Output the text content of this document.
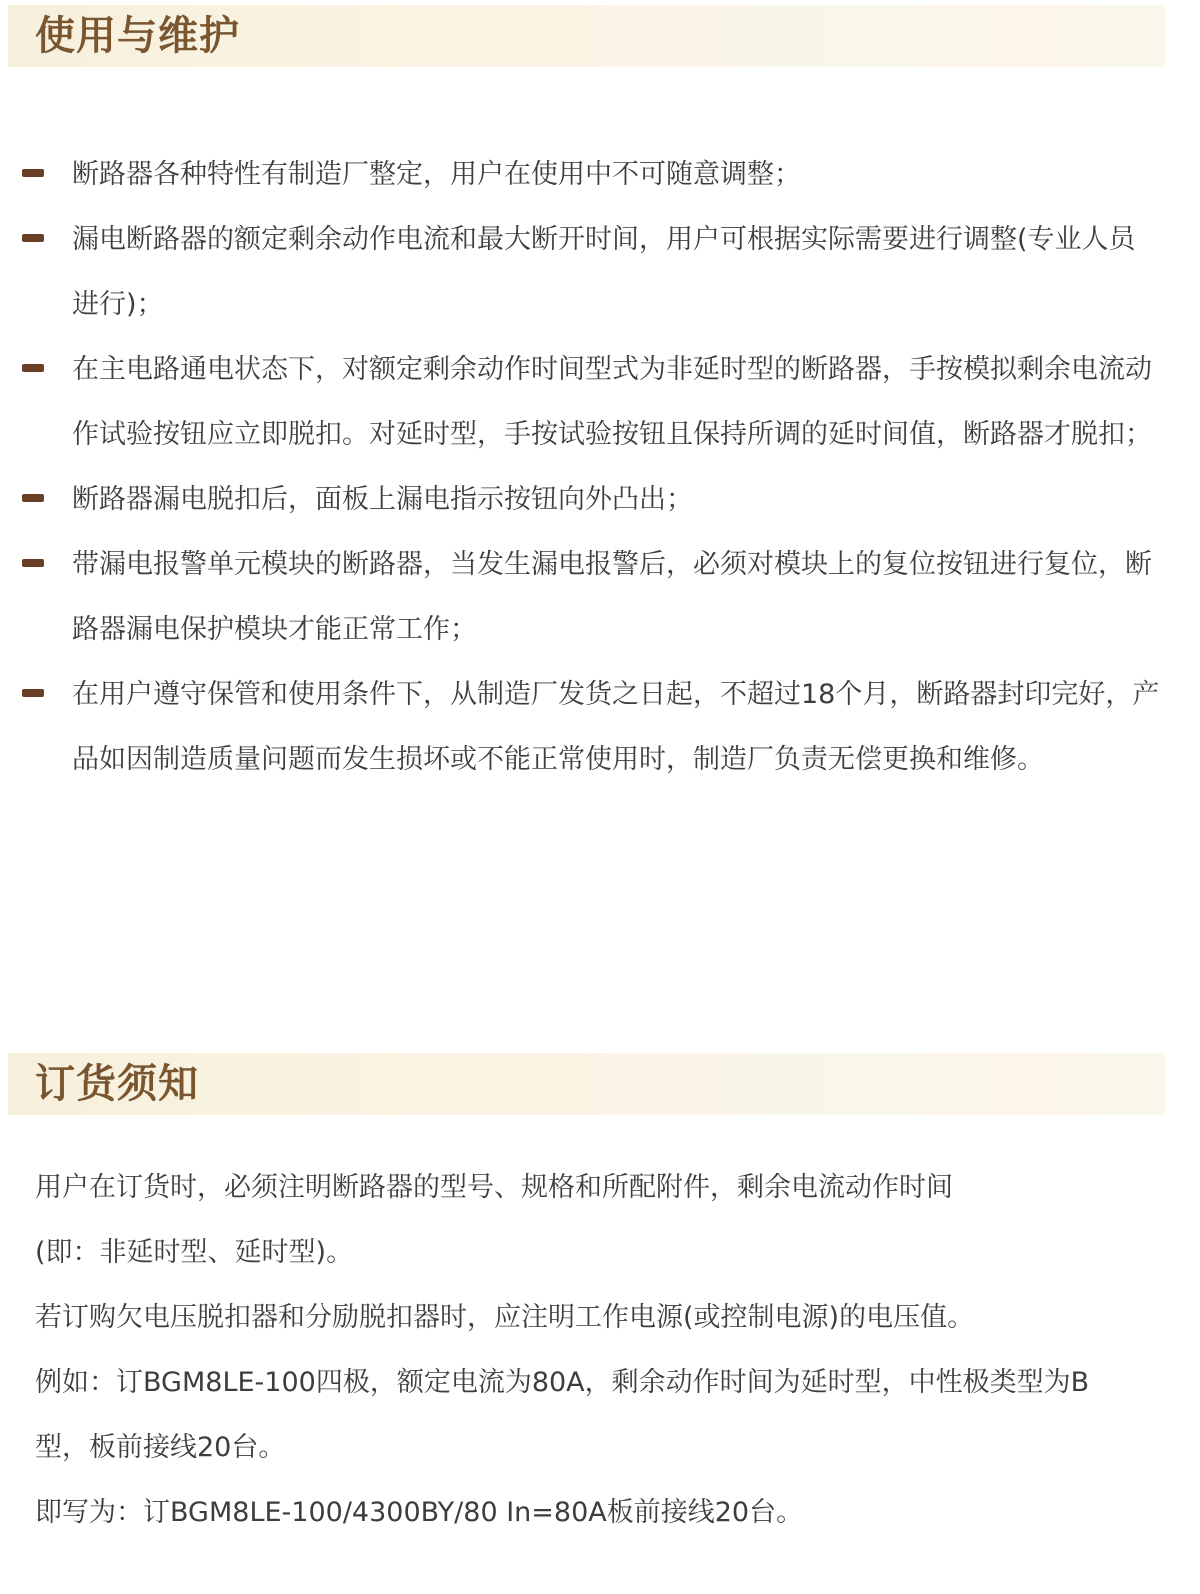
使用与维护
断路器各种特性有制造厂整定，用户在使用中不可随意调整；
漏电断路器的额定剩余动作电流和最大断开时间，用户可根据实际需要进行调整(专业人员进行)；
在主电路通电状态下，对额定剩余动作时间型式为非延时型的断路器，手按模拟剩余电流动作试验按钮应立即脱扣。对延时型，手按试验按钮且保持所调的延时间值，断路器才脱扣；
断路器漏电脱扣后，面板上漏电指示按钮向外凸出；
带漏电报警单元模块的断路器，当发生漏电报警后，必须对模块上的复位按钮进行复位，断路器漏电保护模块才能正常工作；
在用户遵守保管和使用条件下，从制造厂发货之日起，不超过18个月，断路器封印完好，产品如因制造质量问题而发生损坏或不能正常使用时，制造厂负责无偿更换和维修。
订货须知
用户在订货时，必须注明断路器的型号、规格和所配附件，剩余电流动作时间
(即：非延时型、延时型)。
若订购欠电压脱扣器和分励脱扣器时，应注明工作电源(或控制电源)的电压值。
例如：订BGM8LE-100四极，额定电流为80A，剩余动作时间为延时型，中性极类型为B
型，板前接线20台。
即写为：订BGM8LE-100/4300BY/80 In=80A板前接线20台。
